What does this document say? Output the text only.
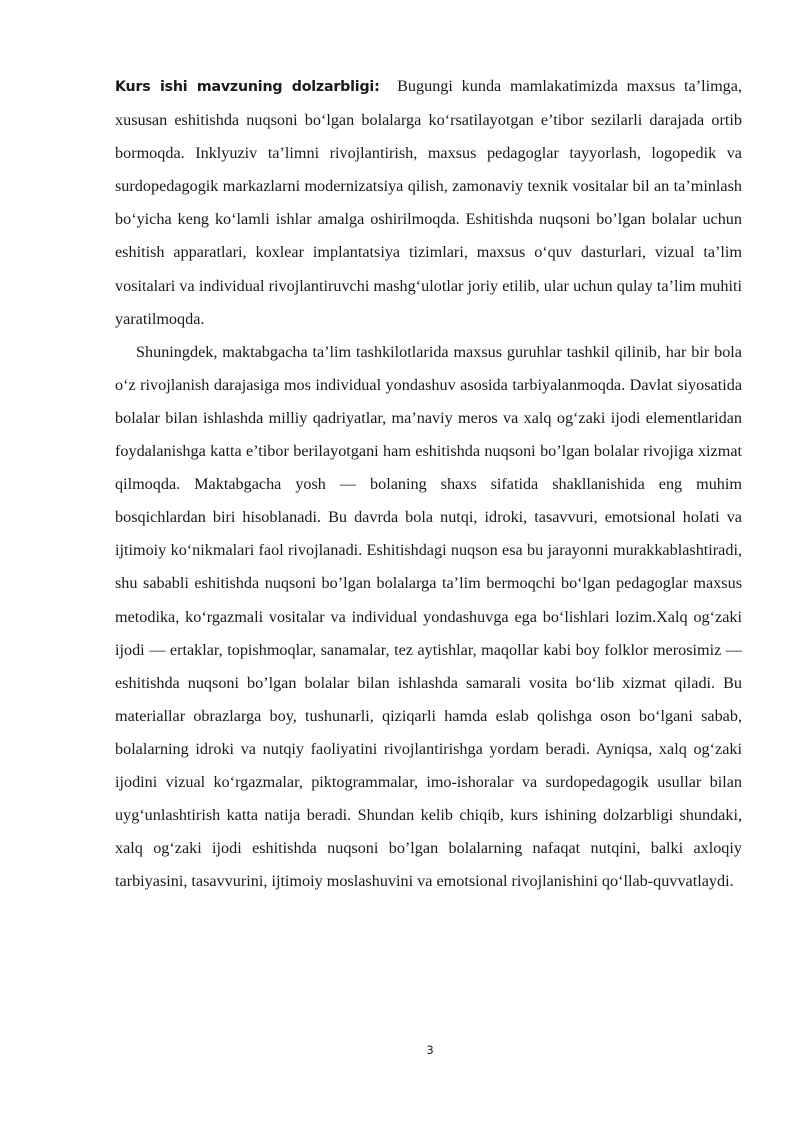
Kurs ishi mavzuning dolzarbligi: Bugungi kunda mamlakatimizda maxsus ta’limga, xususan eshitishda nuqsoni bo‘lgan bolalarga ko‘rsatilayotgan e’tibor sezilarli darajada ortib bormoqda. Inklyuziv ta’limni rivojlantirish, maxsus pedagoglar tayyorlash, logopedik va surdopedagogik markazlarni modernizatsiya qilish, zamonaviy texnik vositalar bil an ta’minlash bo‘yicha keng ko‘lamli ishlar amalga oshirilmoqda. Eshitishda nuqsoni bo’lgan bolalar uchun eshitish apparatlari, koxlear implantatsiya tizimlari, maxsus o‘quv dasturlari, vizual ta’lim vositalari va individual rivojlantiruvchi mashg‘ulotlar joriy etilib, ular uchun qulay ta’lim muhiti yaratilmoqda.

Shuningdek, maktabgacha ta’lim tashkilotlarida maxsus guruhlar tashkil qilinib, har bir bola o‘z rivojlanish darajasiga mos individual yondashuv asosida tarbiyalanmoqda. Davlat siyosatida bolalar bilan ishlashda milliy qadriyatlar, ma’naviy meros va xalq og‘zaki ijodi elementlaridan foydalanishga katta e’tibor berilayotgani ham eshitishda nuqsoni bo’lgan bolalar rivojiga xizmat qilmoqda. Maktabgacha yosh — bolaning shaxs sifatida shakllanishida eng muhim bosqichlardan biri hisoblanadi. Bu davrda bola nutqi, idroki, tasavvuri, emotsional holati va ijtimoiy ko‘nikmalari faol rivojlanadi. Eshitishdagi nuqson esa bu jarayonni murakkablashtiradi, shu sababli eshitishda nuqsoni bo’lgan bolalarga ta’lim bermoqchi bo‘lgan pedagoglar maxsus metodika, ko‘rgazmali vositalar va individual yondashuvga ega bo‘lishlari lozim.Xalq og‘zaki ijodi — ertaklar, topishmoqlar, sanamalar, tez aytishlar, maqollar kabi boy folklor merosimiz — eshitishda nuqsoni bo’lgan bolalar bilan ishlashda samarali vosita bo‘lib xizmat qiladi. Bu materiallar obrazlarga boy, tushunarli, qiziqarli hamda eslab qolishga oson bo‘lgani sabab, bolalarning idroki va nutqiy faoliyatini rivojlantirishga yordam beradi. Ayniqsa, xalq og‘zaki ijodini vizual ko‘rgazmalar, piktogrammalar, imo-ishoralar va surdopedagogik usullar bilan uyg‘unlashtirish katta natija beradi. Shundan kelib chiqib, kurs ishining dolzarbligi shundaki, xalq og‘zaki ijodi eshitishda nuqsoni bo’lgan bolalarning nafaqat nutqini, balki axloqiy tarbiyasini, tasavvurini, ijtimoiy moslashuvini va emotsional rivojlanishini qo‘llab-quvvatlaydi.

3
